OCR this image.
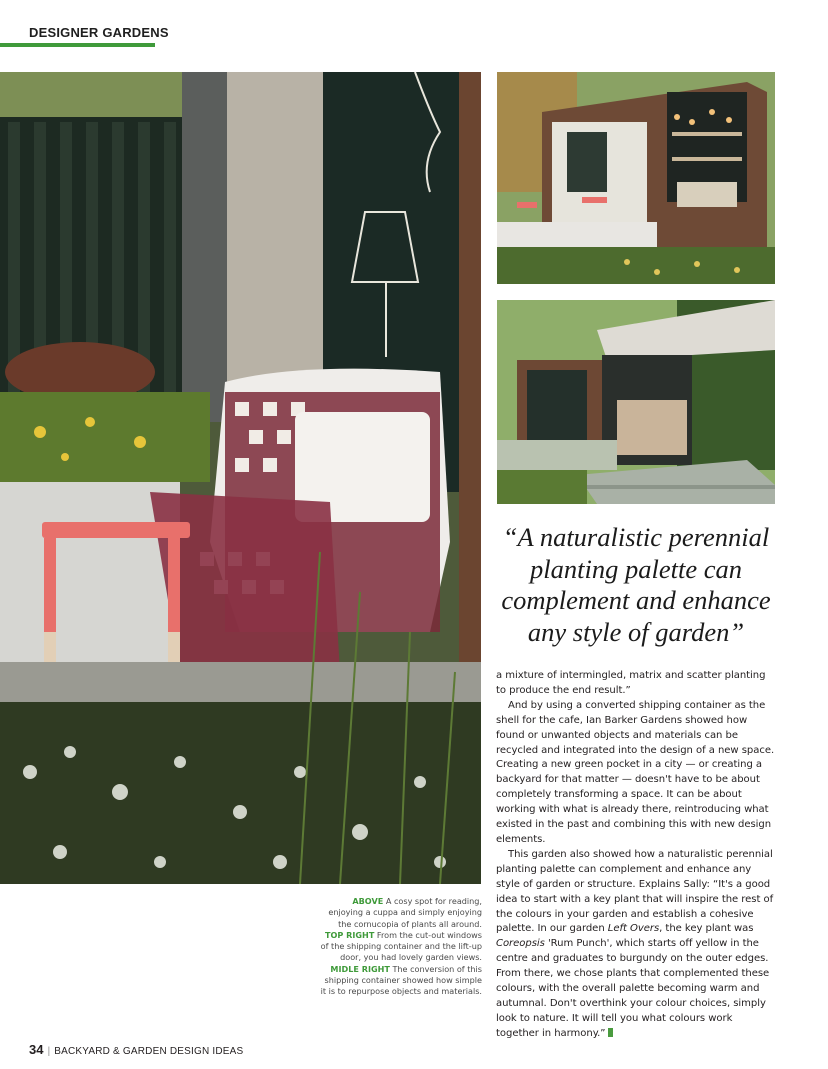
DESIGNER GARDENS
“A naturalistic perennial planting palette can complement and enhance any style of garden”

a mixture of intermingled, matrix and scatter planting to produce the end result.”

And by using a converted shipping container as the shell for the cafe, Ian Barker Gardens showed how found or unwanted objects and materials can be recycled and integrated into the design of a new space. Creating a new green pocket in a city — or creating a backyard for that matter — doesn't have to be about completely transforming a space. It can be about working with what is already there, reintroducing what existed in the past and combining this with new design elements.

This garden also showed how a naturalistic perennial planting palette can complement and enhance any style of garden or structure. Explains Sally: “It's a good idea to start with a key plant that will inspire the rest of the colours in your garden and establish a cohesive palette. In our garden Left Overs, the key plant was Coreopsis 'Rum Punch', which starts off yellow in the centre and graduates to burgundy on the outer edges. From there, we chose plants that complemented these colours, with the overall palette becoming warm and autumnal. Don't overthink your colour choices, simply look to nature. It will tell you what colours work together in harmony.”

ABOVE A cosy spot for reading, enjoying a cuppa and simply enjoying the cornucopia of plants all around.

TOP RIGHT From the cut-out windows of the shipping container and the lift-up door, you had lovely garden views.

MIDLE RIGHT The conversion of this shipping container showed how simple it is to repurpose objects and materials.

34 | BACKYARD & GARDEN DESIGN IDEAS
